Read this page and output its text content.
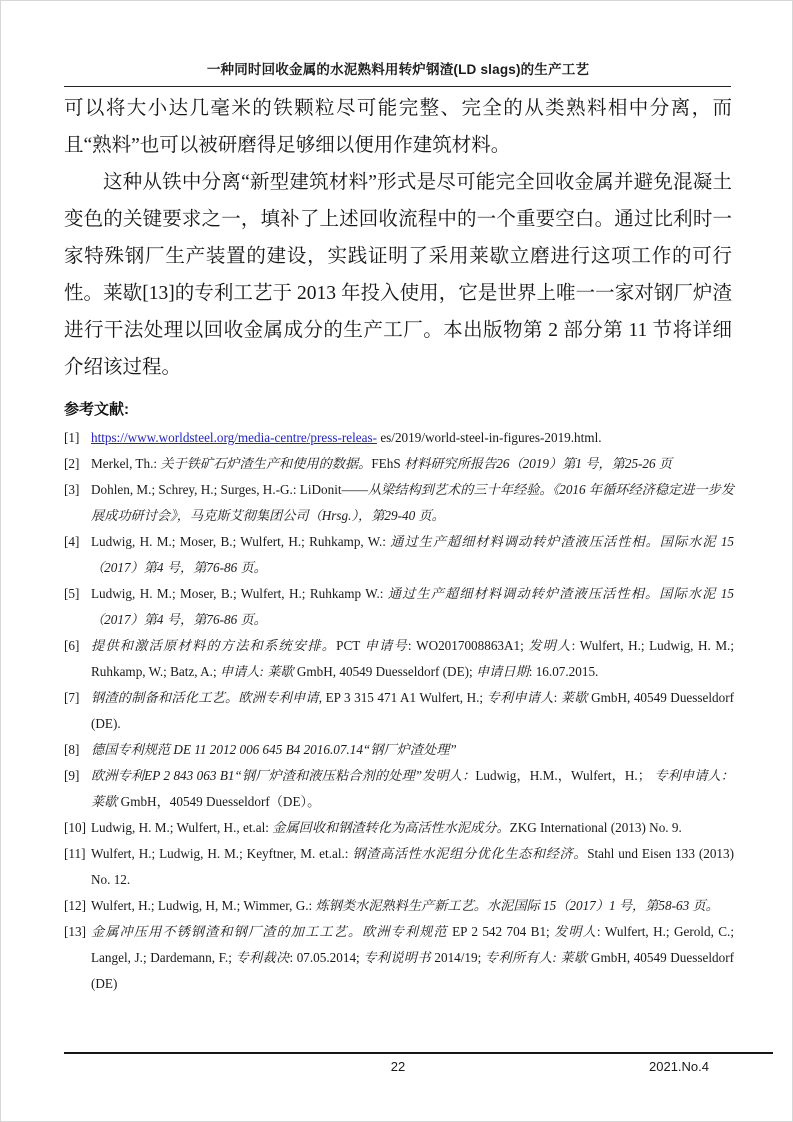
一种同时回收金属的水泥熟料用转炉钢渣(LD slags)的生产工艺

可以将大小达几毫米的铁颗粒尽可能完整、完全的从类熟料相中分离，而且“熟料”也可以被研磨得足够细以便用作建筑材料。

这种从铁中分离“新型建筑材料”形式是尽可能完全回收金属并避免混凝土变色的关键要求之一，填补了上述回收流程中的一个重要空白。通过比利时一家特殊钢厂生产装置的建设，实践证明了采用莱歇立磨进行这项工作的可行性。莱歇[13]的专利工艺于 2013 年投入使用，它是世界上唯一一家对钢厂炉渣进行干法处理以回收金属成分的生产工厂。本出版物第 2 部分第 11 节将详细介绍该过程。

参考文献:
[1] https://www.worldsteel.org/media-centre/press-releas- es/2019/world-steel-in-figures-2019.html.
[2] Merkel, Th.: 关于铁矿石炉渣生产和使用的数据。FEhS 材料研究所报告26（2019）第1 号，第25-26 页
[3] Dohlen, M.; Schrey, H.; Surges, H.-G.: LiDonit——从梁结构到艺术的三十年经验。《2016 年循环经济稳定进一步发展成功研讨会》，马克斯艾彻集团公司（Hrsg.），第29-40 页。
[4] Ludwig, H. M.; Moser, B.; Wulfert, H.; Ruhkamp, W.: 通过生产超细材料调动转炉渣液压活性相。国际水泥 15（2017）第4 号，第76-86 页。
[5] Ludwig, H. M.; Moser, B.; Wulfert, H.; Ruhkamp W.: 通过生产超细材料调动转炉渣液压活性相。国际水泥 15（2017）第4 号，第76-86 页。
[6] 提供和激活原材料的方法和系统安排。PCT 申请号: WO2017008863A1; 发明人: Wulfert, H.; Ludwig, H. M.; Ruhkamp, W.; Batz, A.; 申请人: 莱歇 GmbH, 40549 Duesseldorf (DE); 申请日期: 16.07.2015.
[7] 钢渣的制备和活化工艺。欧洲专利申请, EP 3 315 471 A1 Wulfert, H.; 专利申请人: 莱歇 GmbH, 40549 Duesseldorf (DE).
[8] 德国专利规范 DE 11 2012 006 645 B4 2016.07.14“钢厂炉渣处理”
[9] 欧洲专利EP 2 843 063 B1“钢厂炉渣和液压粘合剂的处理”发明人：Ludwig，H.M.，Wulfert，H.； 专利申请人：莱歇 GmbH，40549 Duesseldorf（DE）。
[10] Ludwig, H. M.; Wulfert, H., et.al: 金属回收和钢渣转化为高活性水泥成分。ZKG International (2013) No. 9.
[11] Wulfert, H.; Ludwig, H. M.; Keyftner, M. et.al.: 钢渣高活性水泥组分优化生态和经济。Stahl und Eisen 133 (2013) No. 12.
[12] Wulfert, H.; Ludwig, H, M.; Wimmer, G.: 炼钢类水泥熟料生产新工艺。水泥国际 15（2017）1 号，第58-63 页。
[13] 金属冲压用不锈钢渣和钢厂渣的加工工艺。欧洲专利规范 EP 2 542 704 B1; 发明人: Wulfert, H.; Gerold, C.; Langel, J.; Dardemann, F.; 专利裁决: 07.05.2014; 专利说明书 2014/19; 专利所有人: 莱歇 GmbH, 40549 Duesseldorf (DE)
22	2021.No.4
